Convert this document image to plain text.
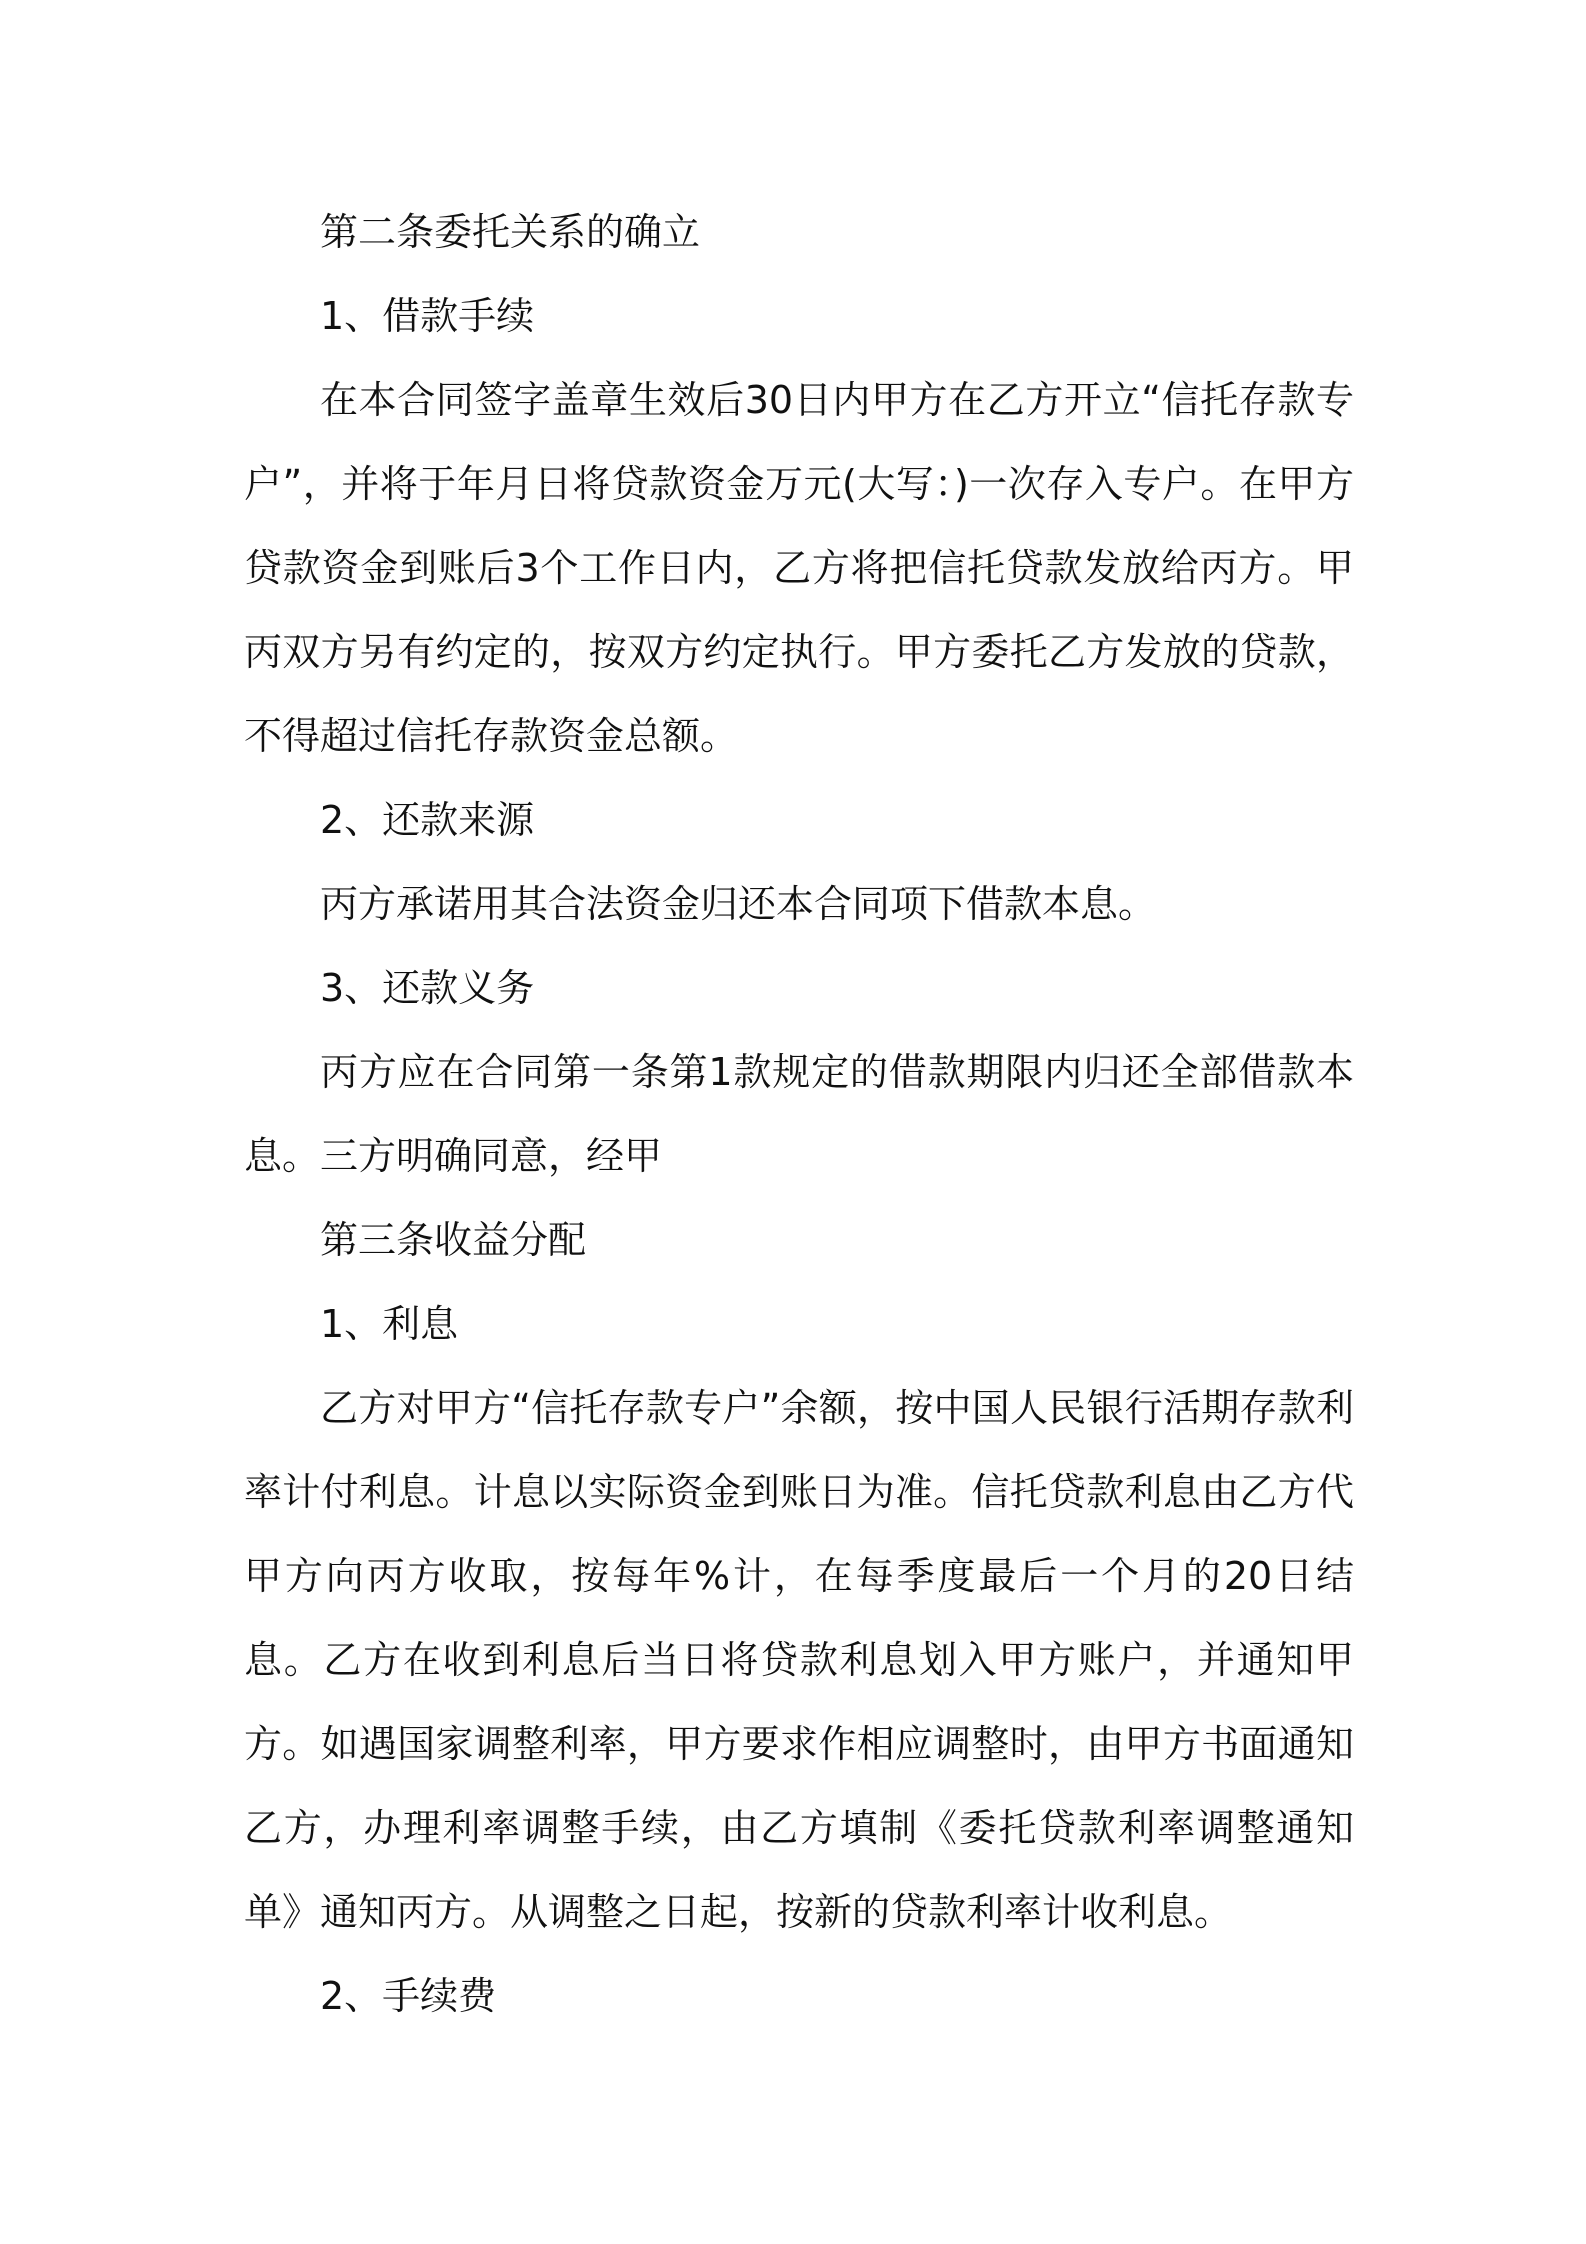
第二条委托关系的确立

1、借款手续

在本合同签字盖章生效后30日内甲方在乙方开立“信托存款专户”，并将于年月日将贷款资金万元(大写：)一次存入专户。在甲方贷款资金到账后3个工作日内，乙方将把信托贷款发放给丙方。甲丙双方另有约定的，按双方约定执行。甲方委托乙方发放的贷款，不得超过信托存款资金总额。

2、还款来源

丙方承诺用其合法资金归还本合同项下借款本息。

3、还款义务

丙方应在合同第一条第1款规定的借款期限内归还全部借款本息。三方明确同意，经甲

第三条收益分配

1、利息

乙方对甲方“信托存款专户”余额，按中国人民银行活期存款利率计付利息。计息以实际资金到账日为准。信托贷款利息由乙方代甲方向丙方收取，按每年%计，在每季度最后一个月的20日结息。乙方在收到利息后当日将贷款利息划入甲方账户，并通知甲方。如遇国家调整利率，甲方要求作相应调整时，由甲方书面通知乙方，办理利率调整手续，由乙方填制《委托贷款利率调整通知单》通知丙方。从调整之日起，按新的贷款利率计收利息。

2、手续费
